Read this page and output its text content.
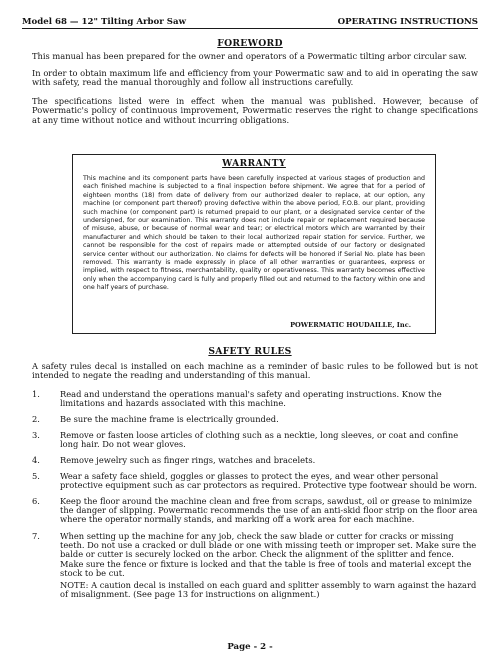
Model 68 — 12" Tilting Arbor Saw	OPERATING INSTRUCTIONS
FOREWORD
This manual has been prepared for the owner and operators of a Powermatic tilting arbor circular saw.
In order to obtain maximum life and efficiency from your Powermatic saw and to aid in operating the saw with safety, read the manual thoroughly and follow all instructions carefully.
The specifications listed were in effect when the manual was published. However, because of Powermatic's policy of continuous improvement, Powermatic reserves the right to change specifications at any time without notice and without incurring obligations.
WARRANTY
This machine and its component parts have been carefully inspected at various stages of production and each finished machine is subjected to a final inspection before shipment. We agree that for a period of eighteen months (18) from date of delivery from our authorized dealer to replace, at our option, any machine (or component part thereof) proving defective within the above period, F.O.B. our plant, providing such machine (or component part) is returned prepaid to our plant, or a designated service center of the undersigned, for our examination. This warranty does not include repair or replacement required because of misuse, abuse, or because of normal wear and tear; or electrical motors which are warranted by their manufacturer and which should be taken to their local authorized repair station for service. Further, we cannot be responsible for the cost of repairs made or attempted outside of our factory or designated service center without our authorization. No claims for defects will be honored if Serial No. plate has been removed. This warranty is made expressly in place of all other warranties or guarantees, express or implied, with respect to fitness, merchantability, quality or operativeness. This warranty becomes effective only when the accompanying card is fully and properly filled out and returned to the factory within one and one half years of purchase.
POWERMATIC HOUDAILLE, Inc.
SAFETY RULES
A safety rules decal is installed on each machine as a reminder of basic rules to be followed but is not intended to negate the reading and understanding of this manual.
1.	Read and understand the operations manual's safety and operating instructions. Know the limitations and hazards associated with this machine.
2.	Be sure the machine frame is electrically grounded.
3.	Remove or fasten loose articles of clothing such as a necktie, long sleeves, or coat and confine long hair. Do not wear gloves.
4.	Remove jewelry such as finger rings, watches and bracelets.
5.	Wear a safety face shield, goggles or glasses to protect the eyes, and wear other personal protective equipment such as car protectors as required. Protective type footwear should be worn.
6.	Keep the floor around the machine clean and free from scraps, sawdust, oil or grease to minimize the danger of slipping. Powermatic recommends the use of an anti-skid floor strip on the floor area where the operator normally stands, and marking off a work area for each machine.
7.	When setting up the machine for any job, check the saw blade or cutter for cracks or missing teeth. Do not use a cracked or dull blade or one with missing teeth or improper set. Make sure the balde or cutter is securely locked on the arbor. Check the alignment of the splitter and fence. Make sure the fence or fixture is locked and that the table is free of tools and material except the stock to be cut.
NOTE: A caution decal is installed on each guard and splitter assembly to warn against the hazard of misalignment. (See page 13 for instructions on alignment.)
Page - 2 -
